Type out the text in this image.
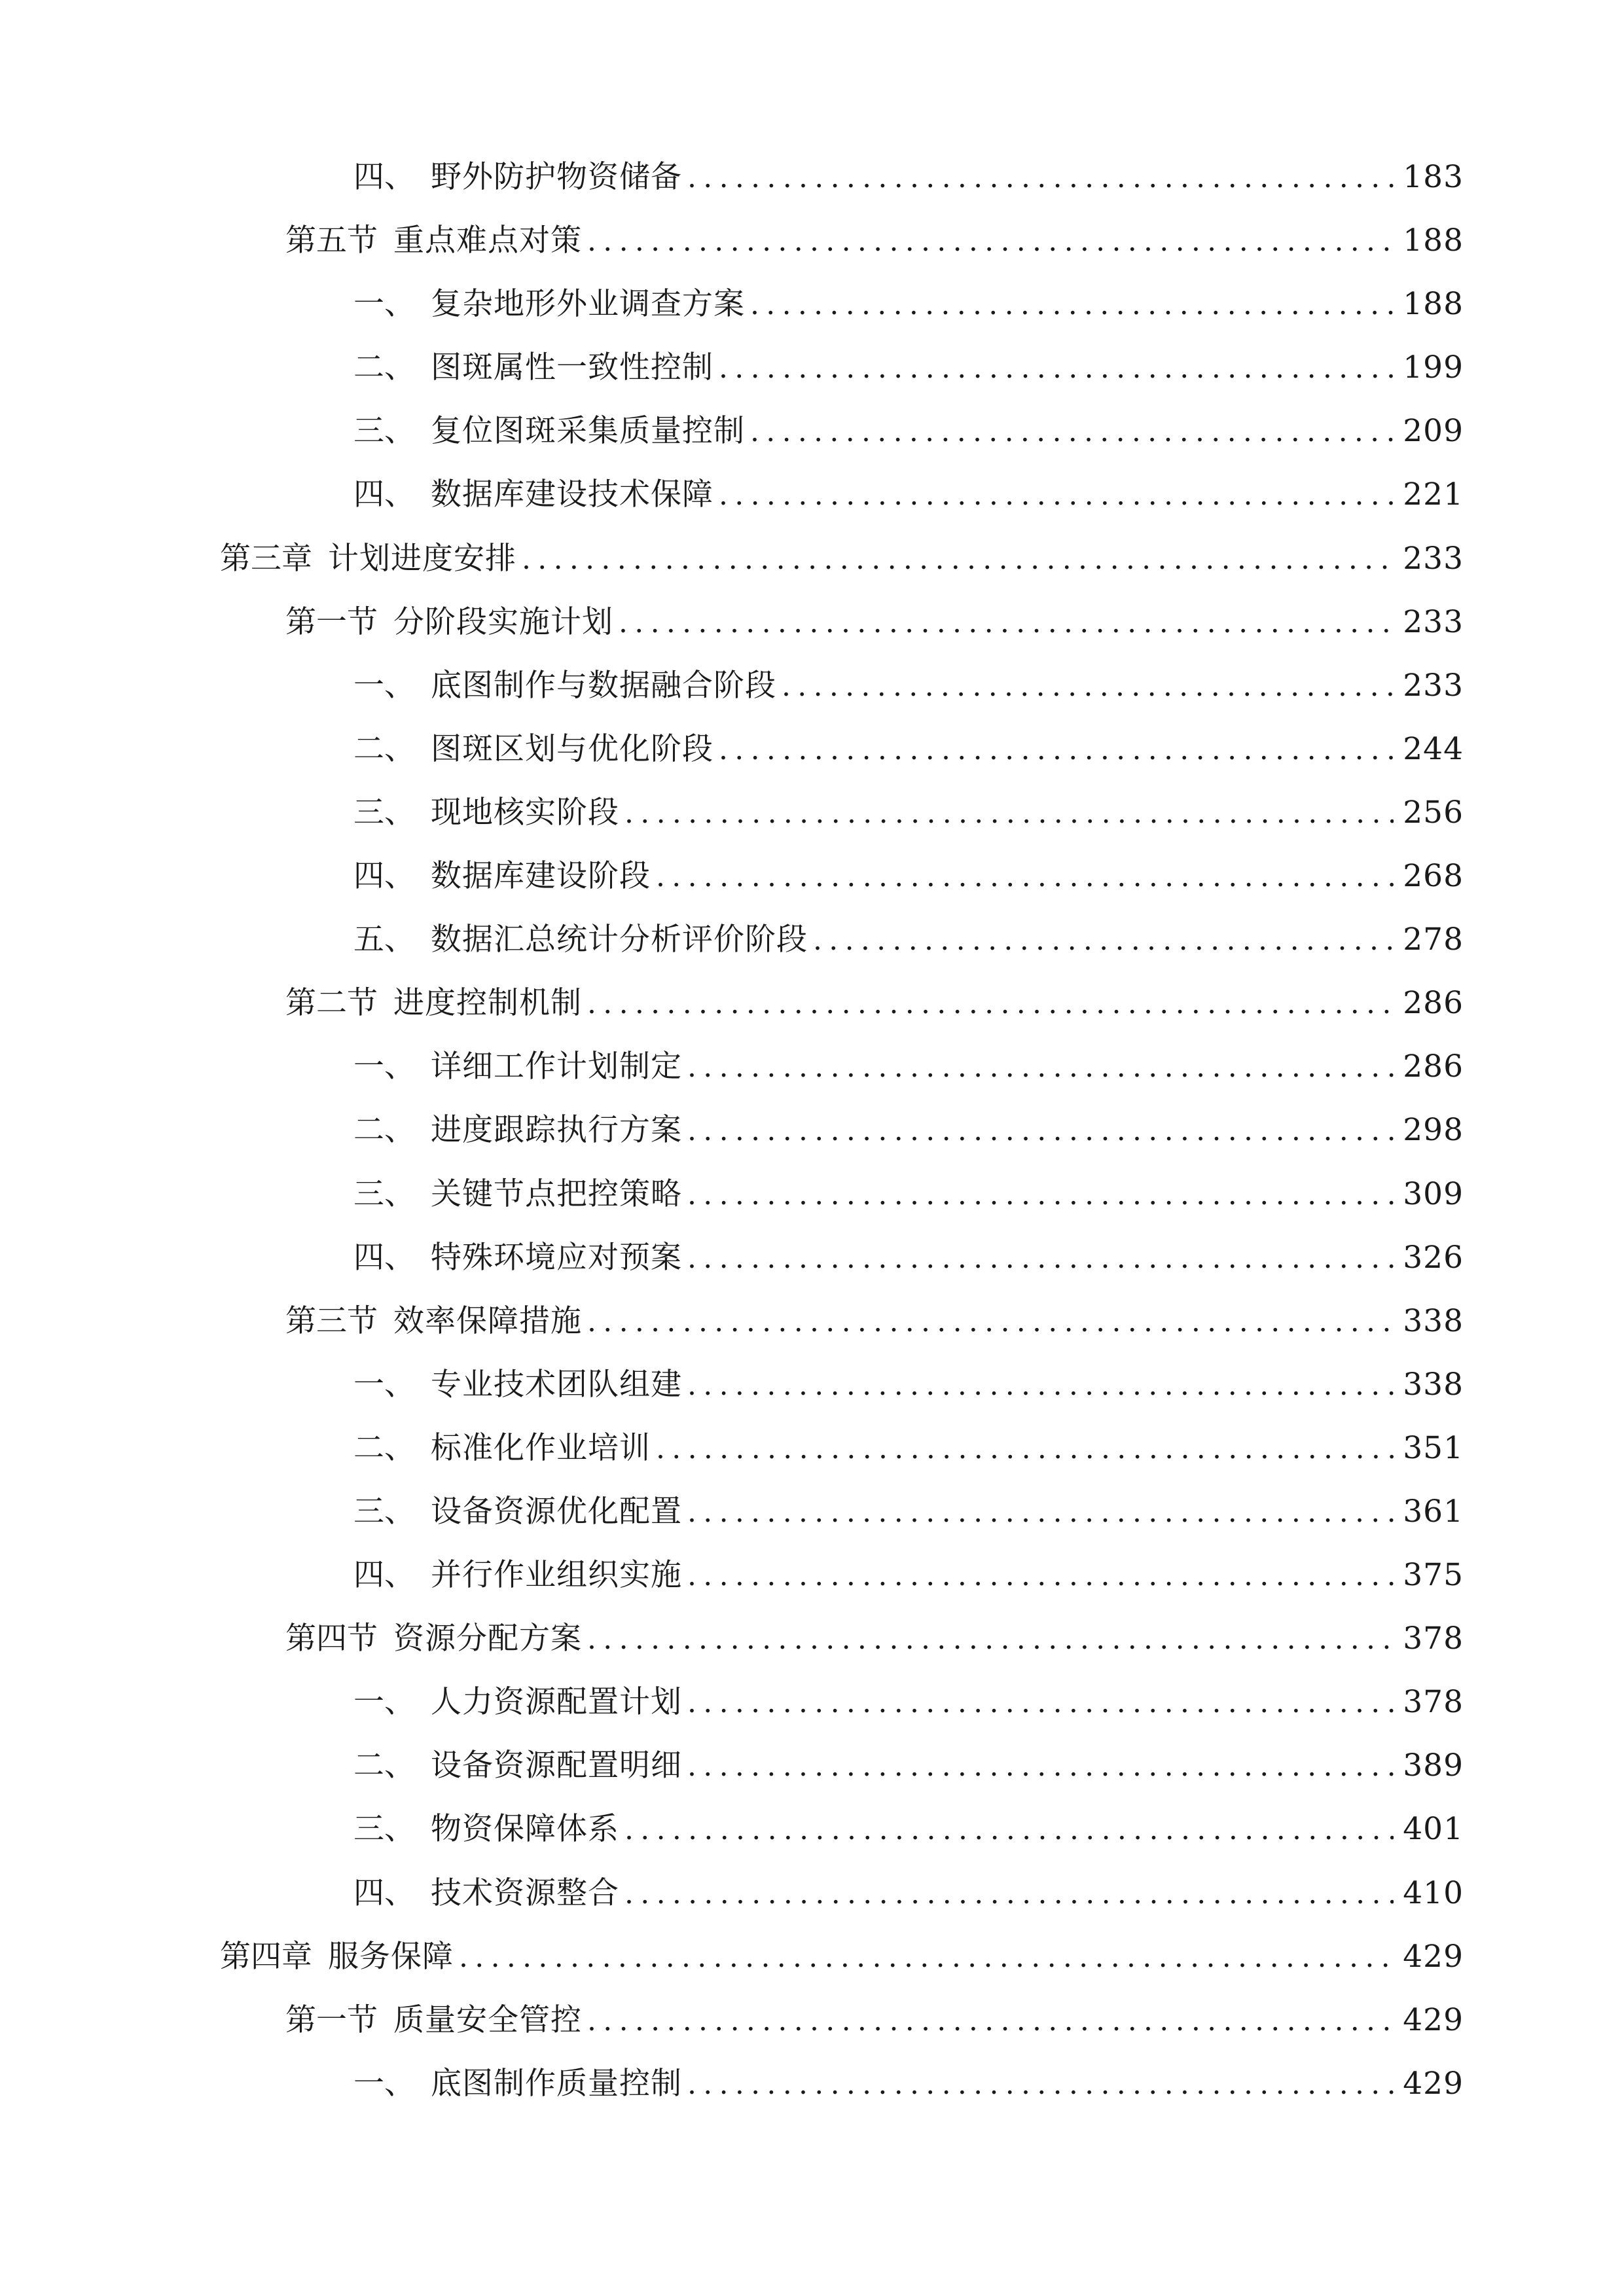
四、 野外防护物资储备 .....	183
第五节 重点难点对策 .....	188
一、 复杂地形外业调查方案 .....	188
二、 图斑属性一致性控制 .....	199
三、 复位图斑采集质量控制 .....	209
四、 数据库建设技术保障 .....	221
第三章 计划进度安排 .....	233
第一节 分阶段实施计划 .....	233
一、 底图制作与数据融合阶段 .....	233
二、 图斑区划与优化阶段 .....	244
三、 现地核实阶段 .....	256
四、 数据库建设阶段 .....	268
五、 数据汇总统计分析评价阶段 .....	278
第二节 进度控制机制 .....	286
一、 详细工作计划制定 .....	286
二、 进度跟踪执行方案 .....	298
三、 关键节点把控策略 .....	309
四、 特殊环境应对预案 .....	326
第三节 效率保障措施 .....	338
一、 专业技术团队组建 .....	338
二、 标准化作业培训 .....	351
三、 设备资源优化配置 .....	361
四、 并行作业组织实施 .....	375
第四节 资源分配方案 .....	378
一、 人力资源配置计划 .....	378
二、 设备资源配置明细 .....	389
三、 物资保障体系 .....	401
四、 技术资源整合 .....	410
第四章 服务保障 .....	429
第一节 质量安全管控 .....	429
一、 底图制作质量控制 .....	429
